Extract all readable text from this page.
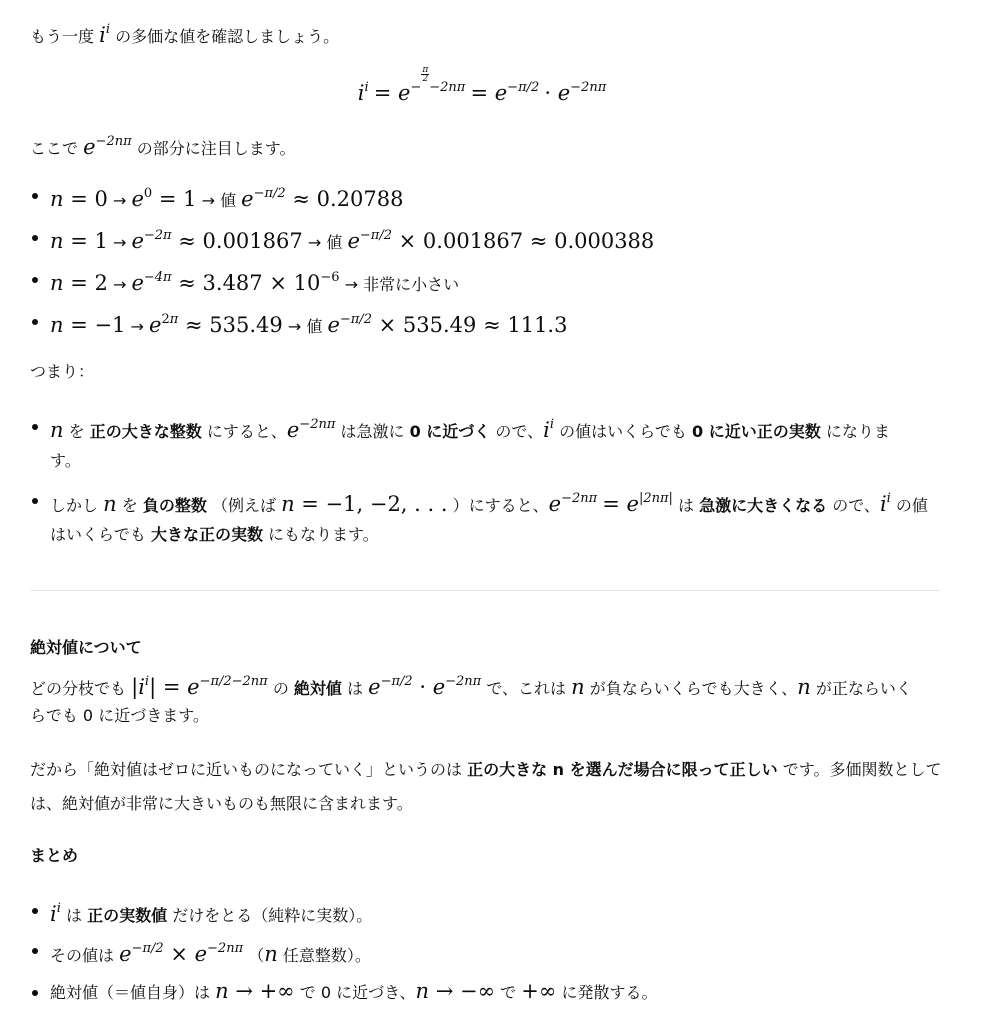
もう一度 $i^i$ の多価な値を確認しましょう。
$i^i = e^{- \frac{\pi}{2}-2n\pi} = e^{-\pi/2} \cdot e^{-2n\pi}$
ここで $e^{-2n\pi}$ の部分に注目します。
$n = 0 \to e^0 = 1$ → 値 $e^{-\pi/2} \approx 0.20788$
$n = 1 \to e^{-2\pi} \approx 0.001867$ → 値 $e^{-\pi/2} \times 0.001867 \approx 0.000388$
$n = 2 \to e^{-4\pi} \approx 3.487 \times 10^{-6}$ → 非常に小さい
$n = -1 \to e^{2\pi} \approx 535.49$ → 値 $e^{-\pi/2} \times 535.49 \approx 111.3$
つまり：
n を 正の大きな整数 にすると、$e^{-2n\pi}$ は急激に 0 に近づく ので、$i^i$ の値はいくらでも 0 に近い正の実数 になりま
す。
しかし n を 負の整数 （例えば n = −1, −2, . . . ）にすると、$e^{-2n\pi} = e^{|2n\pi|}$ は 急激に大きくなる ので、$i^i$ の値
はいくらでも 大きな正の実数 にもなります。
絶対値について
どの分枝でも $|i^i| = e^{-\pi/2-2n\pi}$ の 絶対値 は $e^{-\pi/2} \cdot e^{-2n\pi}$ で、これは n が負ならいくらでも大きく、n が正ならいく
らでも 0 に近づきます。
だから「絶対値はゼロに近いものになっていく」というのは 正の大きな n を選んだ場合に限って正しい です。多価関数として
は、絶対値が非常に大きいものも無限に含まれます。
まとめ
$i^i$ は 正の実数値 だけをとる（純粋に実数）。
その値は $e^{-\pi/2} \times e^{-2n\pi}$ （n 任意整数）。
絶対値（＝値自身）は n → +∞ で 0 に近づき、n → −∞ で +∞ に発散する。
